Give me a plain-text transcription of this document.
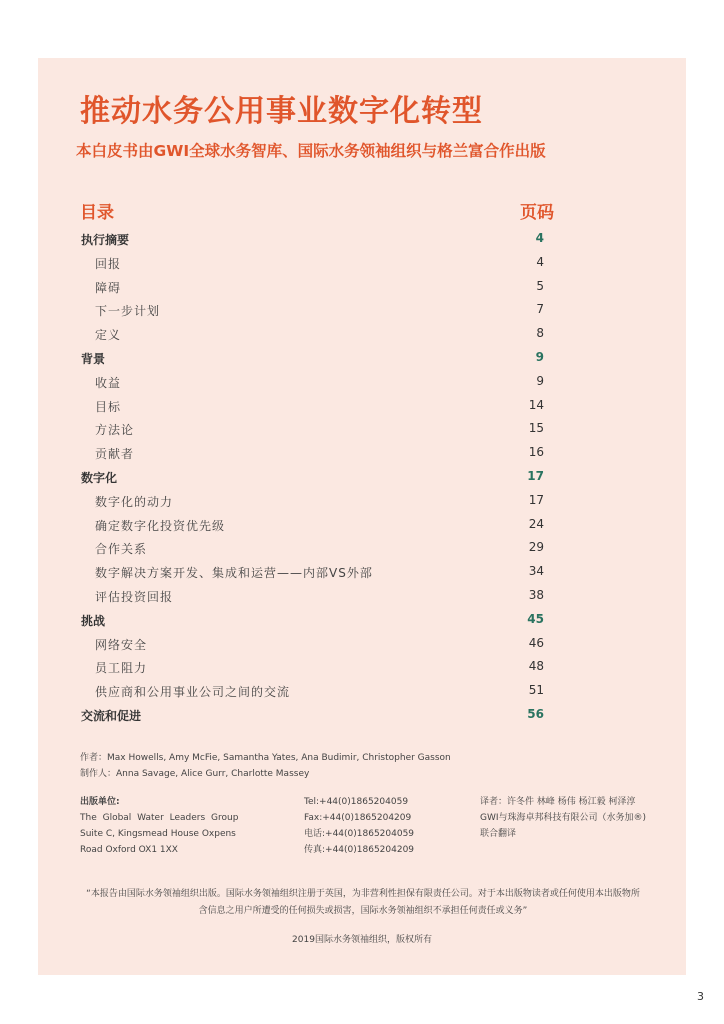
推动水务公用事业数字化转型
本白皮书由GWI全球水务智库、国际水务领袖组织与格兰富合作出版
目录	页码
执行摘要	4
回报	4
障碍	5
下一步计划	7
定义	8
背景	9
收益	9
目标	14
方法论	15
贡献者	16
数字化	17
数字化的动力	17
确定数字化投资优先级	24
合作关系	29
数字解决方案开发、集成和运营——内部VS外部	34
评估投资回报	38
挑战	45
网络安全	46
员工阻力	48
供应商和公用事业公司之间的交流	51
交流和促进	56
作者：Max Howells, Amy McFie, Samantha Yates, Ana Budimir, Christopher Gasson
制作人：Anna Savage, Alice Gurr, Charlotte Massey
出版单位:
The Global Water Leaders Group
Suite C, Kingsmead House Oxpens
Road Oxford OX1 1XX
Tel:+44(0)1865204059
Fax:+44(0)1865204209
电话:+44(0)1865204059
传真:+44(0)1865204209
译者：许冬件 林峰 杨伟 杨江毅 柯泽淳
GWI与珠海卓邦科技有限公司（水务加®)
联合翻译
“本报告由国际水务领袖组织出版。国际水务领袖组织注册于英国，为非营利性担保有限责任公司。对于本出版物读者或任何使用本出版物所
含信息之用户所遭受的任何损失或损害，国际水务领袖组织不承担任何责任或义务”
2019国际水务领袖组织，版权所有
3
